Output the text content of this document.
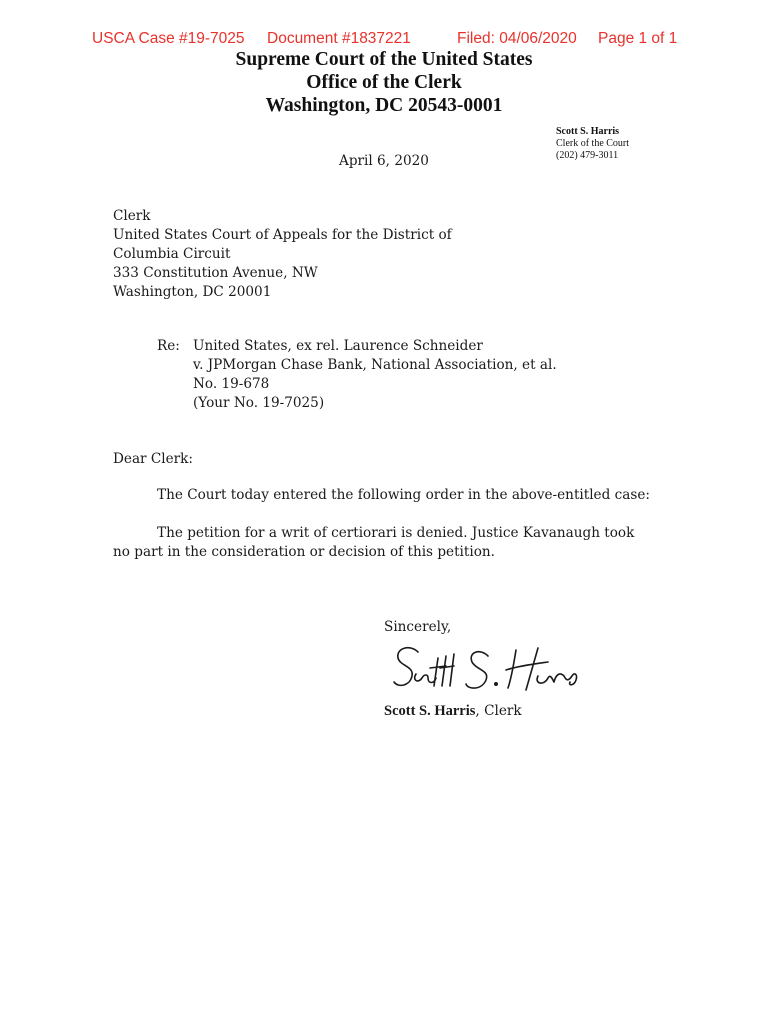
USCA Case #19-7025 Document #1837221	Filed: 04/06/2020 Page 1 of 1
Supreme Court of the United States
Office of the Clerk
Washington, DC 20543-0001
Scott S. Harris
Clerk of the Court
(202) 479-3011
April 6, 2020
Clerk
United States Court of Appeals for the District of
Columbia Circuit
333 Constitution Avenue, NW
Washington, DC 20001
Re: United States, ex rel. Laurence Schneider
v. JPMorgan Chase Bank, National Association, et al.
No. 19-678
(Your No. 19-7025)
Dear Clerk:
The Court today entered the following order in the above-entitled case:
The petition for a writ of certiorari is denied. Justice Kavanaugh took
no part in the consideration or decision of this petition.
Sincerely,
Scott S. Harris, Clerk
